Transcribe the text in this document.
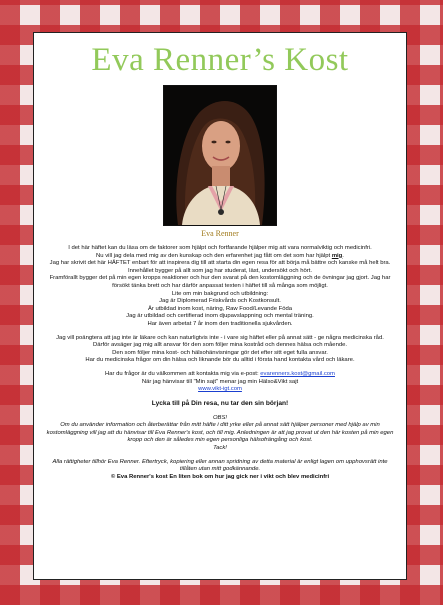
Eva Renner’s Kost
Eva Renner

I det här häftet kan du läsa om de faktorer som hjälpt och fortfarande hjälper mig att vara normalviktig och medicinfri.

Nu vill jag dela med mig av den kunskap och den erfarenhet jag fått om det som har hjälpt mig.

Jag har skrivit det här HÄFTET enbart för att inspirera dig till att starta din egen resa för att börja må bättre och kanske må helt bra. Innehållet bygger på allt som jag har studerat, läst, undersökt och hört.

Framförallt bygger det på min egen kropps reaktioner och hur den svarat på den kostomläggning och de övningar jag gjort. Jag har försökt tänka brett och har därför anpassat texten i häftet till så många som möjligt.

Lite om min bakgrund och utbildning:

Jag är Diplomerad Friskvårds och Kostkonsult.

Är utbildad inom kost, näring, Raw Food/Levande Föda

Jag är utbildad och certifierad inom djupavslappning och mental träning.

Har även arbetat 7 år inom den traditionella sjukvården.

Jag vill poängtera att jag inte är läkare och kan naturligtvis inte - i vare sig häftet eller på annat sätt - ge några medicinska råd.

Därför avsäger jag mig allt ansvar för den som följer mina kostråd och dennes hälsa och mående.

Den som följer mina kost- och hälsohänvisningar gör det efter sitt eget fulla ansvar.

Har du medicinska frågor om din hälsa och liknande bör du alltid i första hand kontakta vård och läkare.

Har du frågor är du välkommen att kontakta mig via e-post: evarenners.kost@gmail.com

När jag hänvisar till "Min sajt" menar jag min Hälso&Vikt sajt

www.vikt-igt.com

Lycka till på Din resa, nu tar den sin början!

OBS!

Om du använder information och återberättar från mitt häfte i ditt yrke eller på annat sätt hjälper personer med hjälp av min kostomläggning vill jag att du hänvisar till Eva Renner's kost, och till mig. Anledningen är att jag provat ut den här kosten på min egen kropp och den är således min egen personliga hälsofrängång och kost.

Tack!

Alla rättigheter tillhör Eva Renner. Eftertryck, kopiering eller annan spridning av detta material är enligt lagen om upphovsrätt inte tillåten utan mitt godkännande.

© Eva Renner's kost En liten bok om hur jag gick ner i vikt och blev medicinfri
